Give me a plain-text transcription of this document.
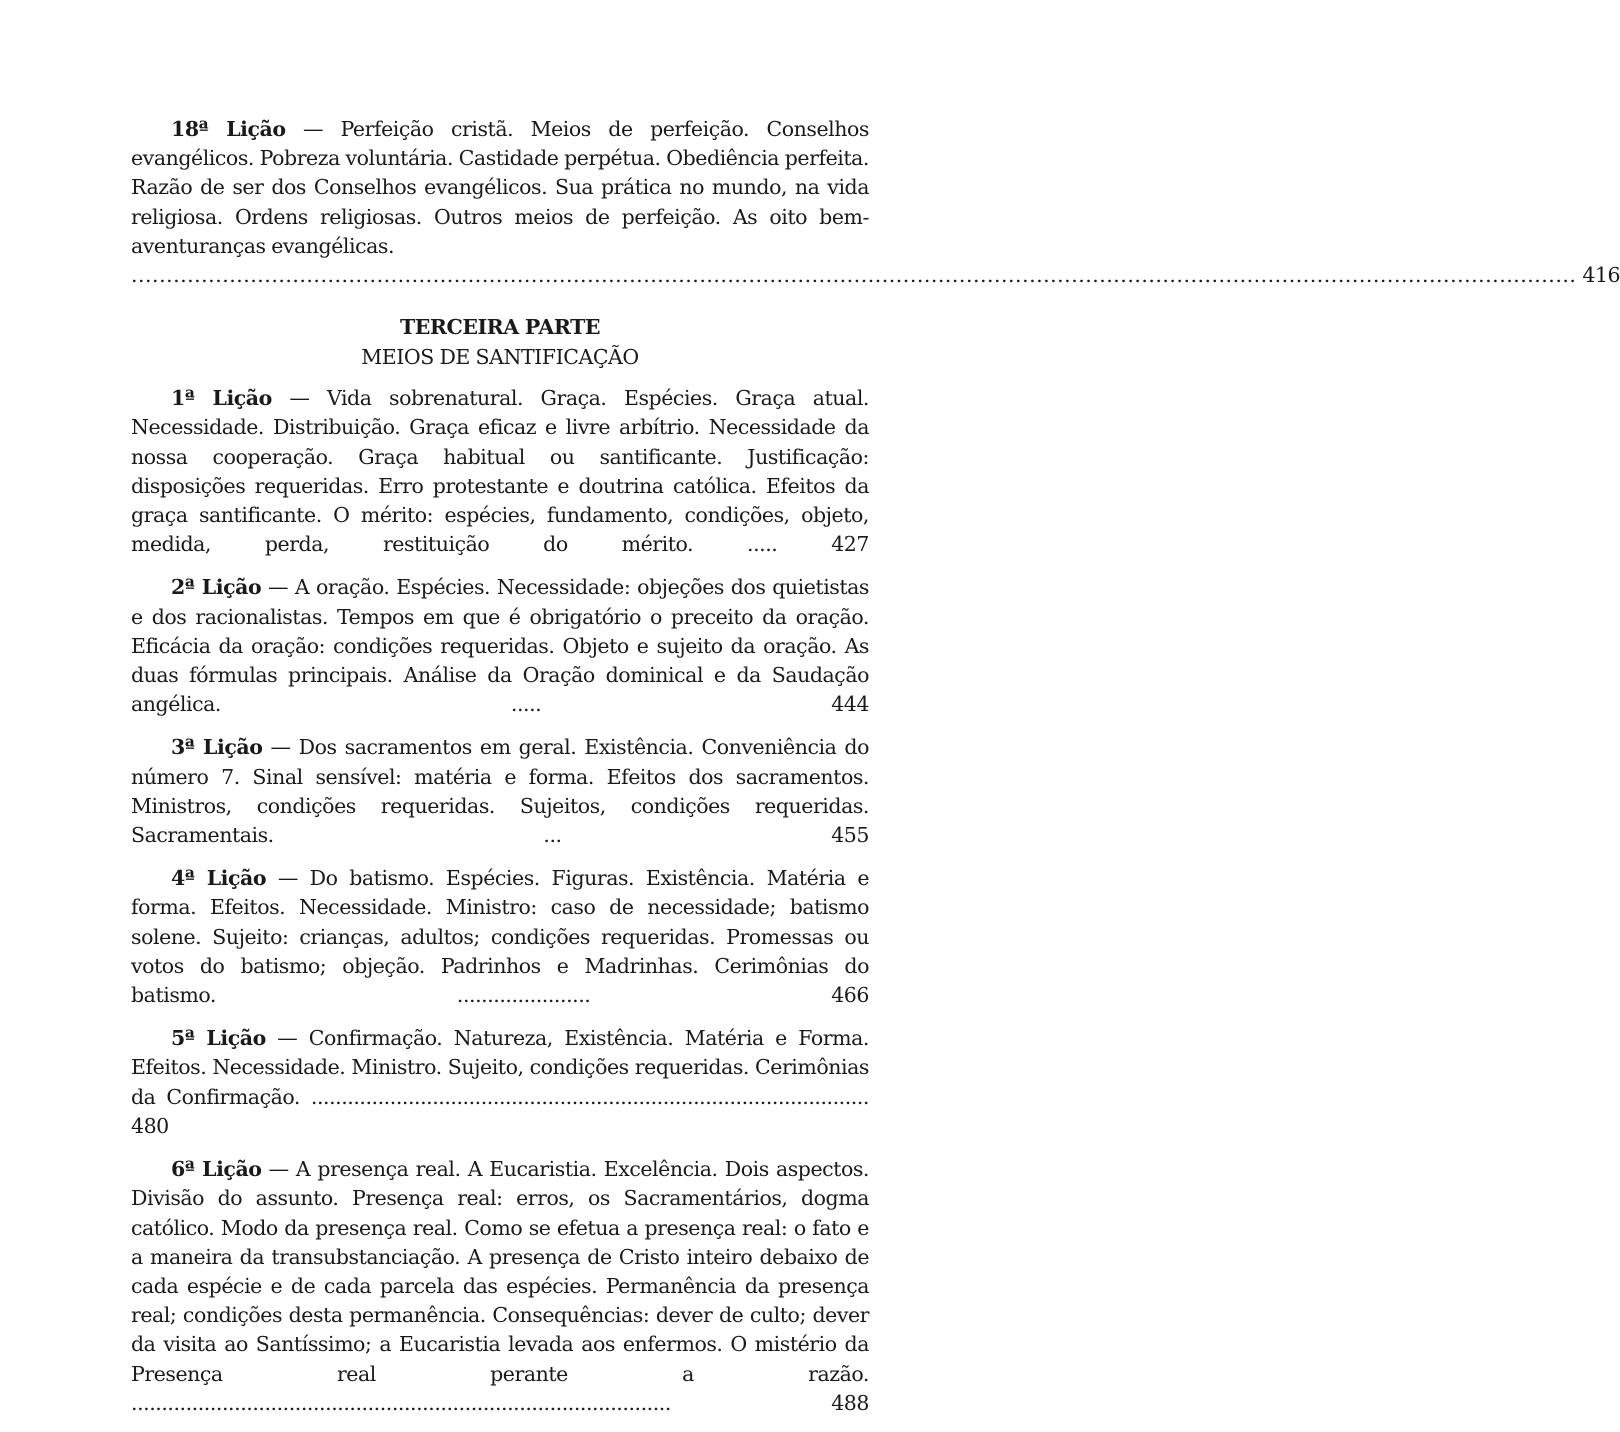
18ª Lição — Perfeição cristã. Meios de perfeição. Conselhos evangélicos. Pobreza voluntária. Castidade perpétua. Obediência perfeita. Razão de ser dos Conselhos evangélicos. Sua prática no mundo, na vida religiosa. Ordens religiosas. Outros meios de perfeição. As oito bem-aventuranças evangélicas.
.............................................................................................................................................................................................................. 416
TERCEIRA PARTE
MEIOS DE SANTIFICAÇÃO
1ª Lição — Vida sobrenatural. Graça. Espécies. Graça atual. Necessidade. Distribuição. Graça eficaz e livre arbítrio. Necessidade da nossa cooperação. Graça habitual ou santificante. Justificação: disposições requeridas. Erro protestante e doutrina católica. Efeitos da graça santificante. O mérito: espécies, fundamento, condições, objeto, medida, perda, restituição do mérito. ..... 427
2ª Lição — A oração. Espécies. Necessidade: objeções dos quietistas e dos racionalistas. Tempos em que é obrigatório o preceito da oração. Eficácia da oração: condições requeridas. Objeto e sujeito da oração. As duas fórmulas principais. Análise da Oração dominical e da Saudação angélica. ..... 444
3ª Lição — Dos sacramentos em geral. Existência. Conveniência do número 7. Sinal sensível: matéria e forma. Efeitos dos sacramentos. Ministros, condições requeridas. Sujeitos, condições requeridas. Sacramentais. ... 455
4ª Lição — Do batismo. Espécies. Figuras. Existência. Matéria e forma. Efeitos. Necessidade. Ministro: caso de necessidade; batismo solene. Sujeito: crianças, adultos; condições requeridas. Promessas ou votos do batismo; objeção. Padrinhos e Madrinhas. Cerimônias do batismo. ...................... 466
5ª Lição — Confirmação. Natureza, Existência. Matéria e Forma. Efeitos. Necessidade. Ministro. Sujeito, condições requeridas. Cerimônias da Confirmação. ............................................................................................ 480
6ª Lição — A presença real. A Eucaristia. Excelência. Dois aspectos. Divisão do assunto. Presença real: erros, os Sacramentários, dogma católico. Modo da presença real. Como se efetua a presença real: o fato e a maneira da transubstanciação. A presença de Cristo inteiro debaixo de cada espécie e de cada parcela das espécies. Permanência da presença real; condições desta permanência. Consequências: dever de culto; dever da visita ao Santíssimo; a Eucaristia levada aos enfermos. O mistério da Presença real perante a razão. ......................................................................................... 488
